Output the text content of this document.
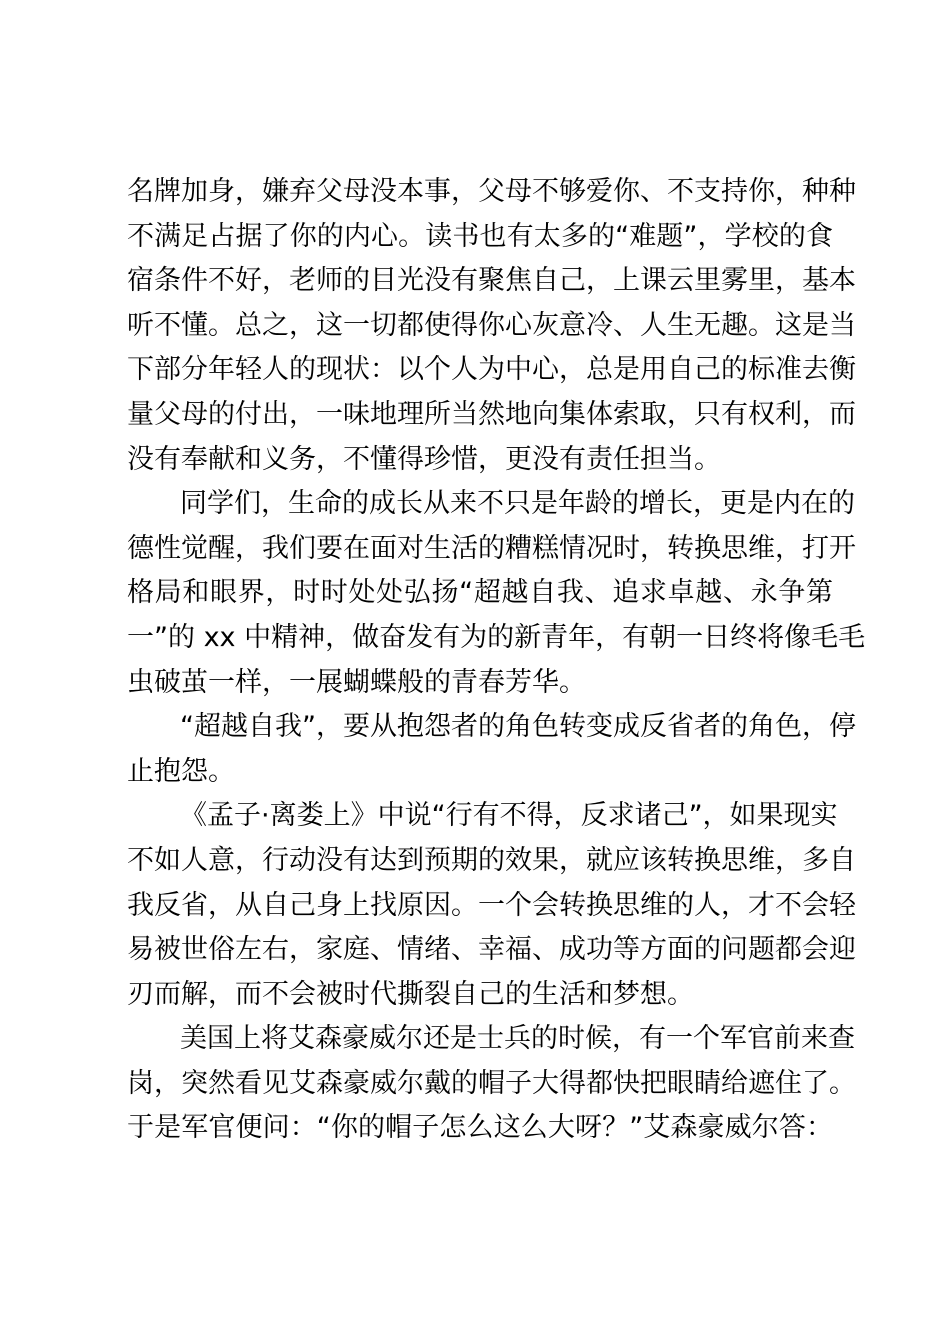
名牌加身，嫌弃父母没本事，父母不够爱你、不支持你，种种
不满足占据了你的内心。读书也有太多的“难题”，学校的食
宿条件不好，老师的目光没有聚焦自己，上课云里雾里，基本
听不懂。总之，这一切都使得你心灰意冷、人生无趣。这是当
下部分年轻人的现状：以个人为中心，总是用自己的标准去衡
量父母的付出，一味地理所当然地向集体索取，只有权利，而
没有奉献和义务，不懂得珍惜，更没有责任担当。
同学们，生命的成长从来不只是年龄的增长，更是内在的
德性觉醒，我们要在面对生活的糟糕情况时，转换思维，打开
格局和眼界，时时处处弘扬“超越自我、追求卓越、永争第
一”的 xx 中精神，做奋发有为的新青年，有朝一日终将像毛毛
虫破茧一样，一展蝴蝶般的青春芳华。
“超越自我”，要从抱怨者的角色转变成反省者的角色，停
止抱怨。
《孟子·离娄上》中说“行有不得，反求诸己”，如果现实
不如人意，行动没有达到预期的效果，就应该转换思维，多自
我反省，从自己身上找原因。一个会转换思维的人，才不会轻
易被世俗左右，家庭、情绪、幸福、成功等方面的问题都会迎
刃而解，而不会被时代撕裂自己的生活和梦想。
美国上将艾森豪威尔还是士兵的时候，有一个军官前来查
岗，突然看见艾森豪威尔戴的帽子大得都快把眼睛给遮住了。
于是军官便问：“你的帽子怎么这么大呀？”艾森豪威尔答：
